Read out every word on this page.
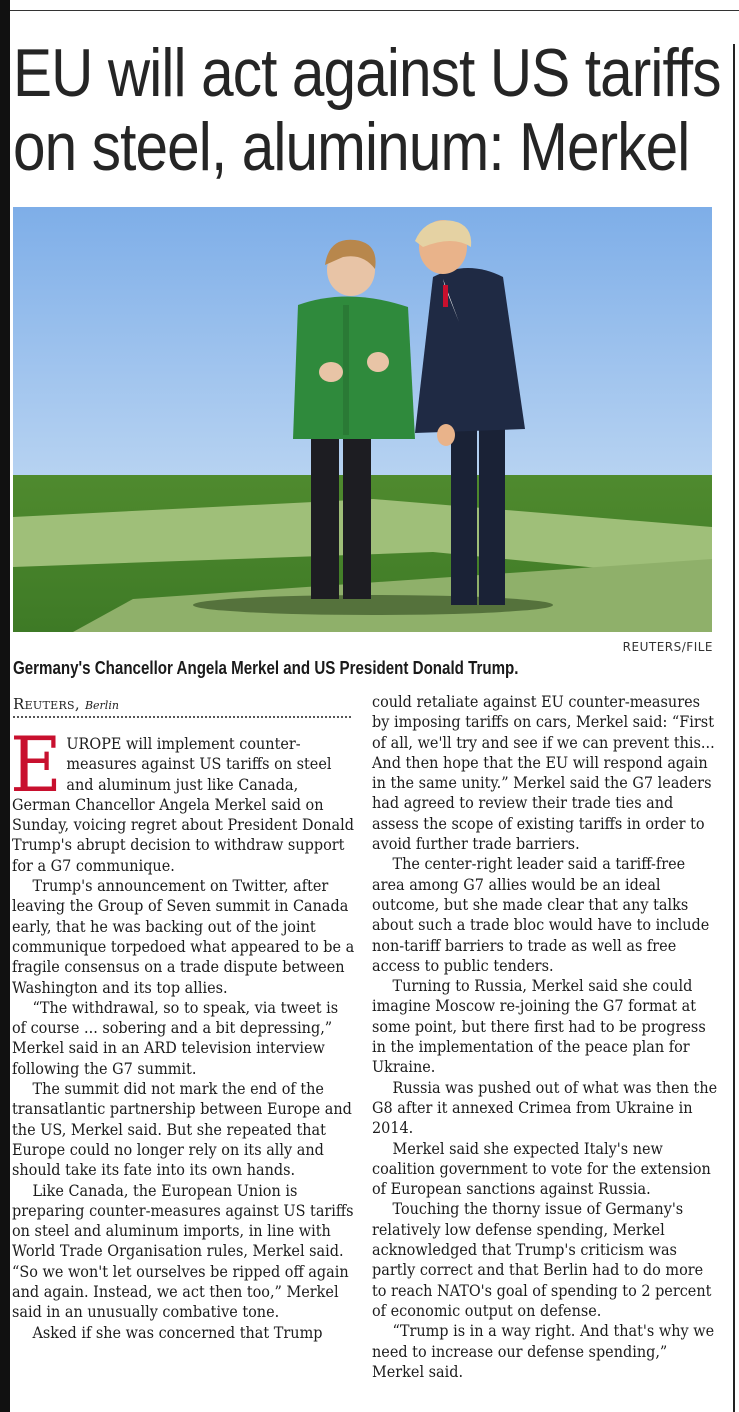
EU will act against US tariffs
on steel, aluminum: Merkel
REUTERS/FILE

Germany's Chancellor Angela Merkel and US President Donald Trump.

Reuters, Berlin

EUROPE will implement counter-measures against US tariffs on steel and aluminum just like Canada, German Chancellor Angela Merkel said on Sunday, voicing regret about President Donald Trump's abrupt decision to withdraw support for a G7 communique.

Trump's announcement on Twitter, after leaving the Group of Seven summit in Canada early, that he was backing out of the joint communique torpedoed what appeared to be a fragile consensus on a trade dispute between Washington and its top allies.

“The withdrawal, so to speak, via tweet is of course ... sobering and a bit depressing,” Merkel said in an ARD television interview following the G7 summit.

The summit did not mark the end of the transatlantic partnership between Europe and the US, Merkel said. But she repeated that Europe could no longer rely on its ally and should take its fate into its own hands.

Like Canada, the European Union is preparing counter-measures against US tariffs on steel and aluminum imports, in line with World Trade Organisation rules, Merkel said. “So we won't let ourselves be ripped off again and again. Instead, we act then too,” Merkel said in an unusually combative tone.

Asked if she was concerned that Trump

could retaliate against EU counter-measures by imposing tariffs on cars, Merkel said: “First of all, we'll try and see if we can prevent this... And then hope that the EU will respond again in the same unity.” Merkel said the G7 leaders had agreed to review their trade ties and assess the scope of existing tariffs in order to avoid further trade barriers.

The center-right leader said a tariff-free area among G7 allies would be an ideal outcome, but she made clear that any talks about such a trade bloc would have to include non-tariff barriers to trade as well as free access to public tenders.

Turning to Russia, Merkel said she could imagine Moscow re-joining the G7 format at some point, but there first had to be progress in the implementation of the peace plan for Ukraine.

Russia was pushed out of what was then the G8 after it annexed Crimea from Ukraine in 2014.

Merkel said she expected Italy's new coalition government to vote for the extension of European sanctions against Russia.

Touching the thorny issue of Germany's relatively low defense spending, Merkel acknowledged that Trump's criticism was partly correct and that Berlin had to do more to reach NATO's goal of spending to 2 percent of economic output on defense.

“Trump is in a way right. And that's why we need to increase our defense spending,” Merkel said.
